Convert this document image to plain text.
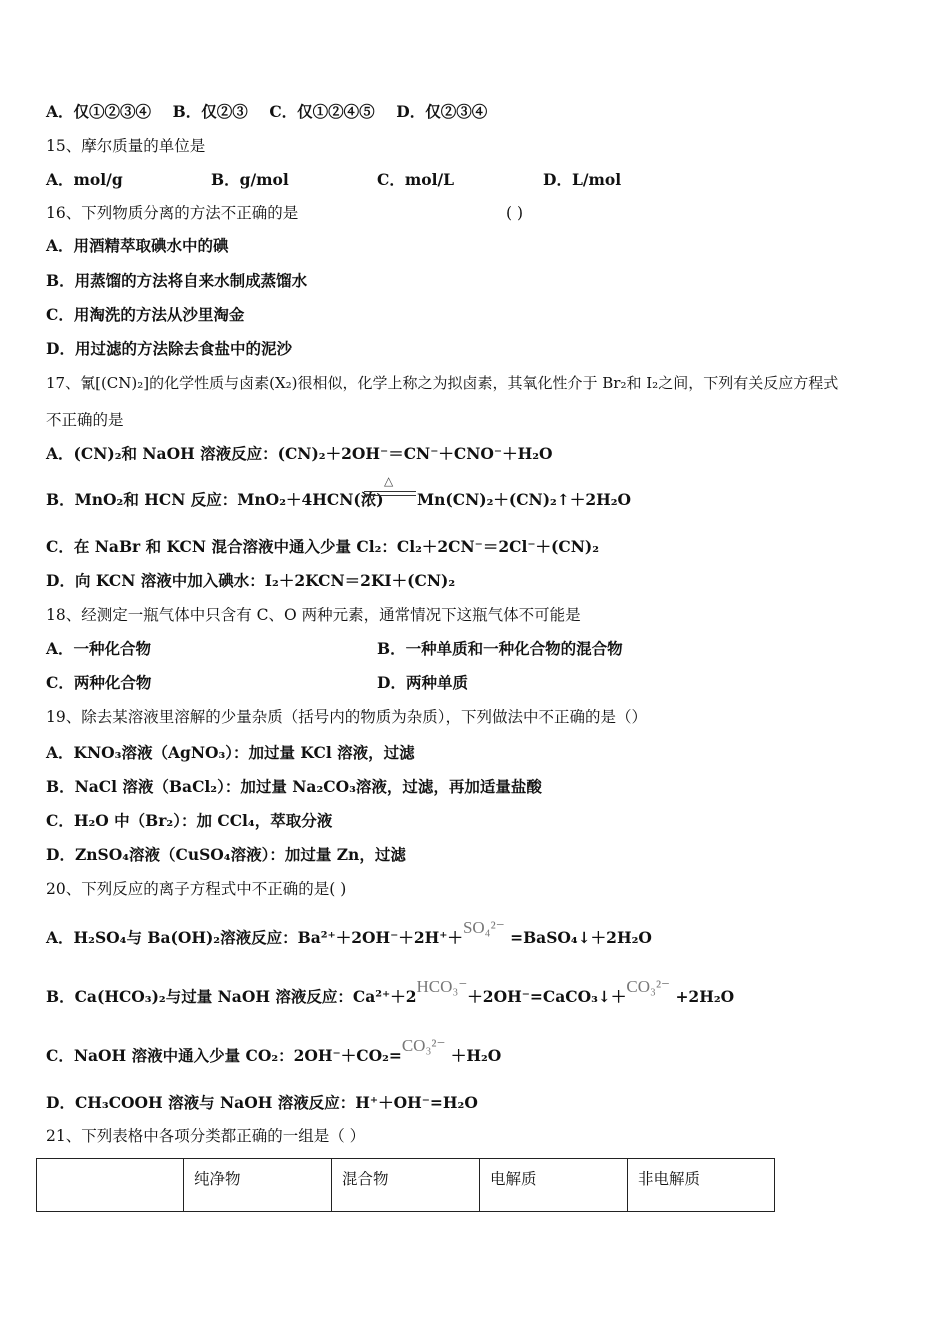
A．仅①②③④ B．仅②③ C．仅①②④⑤ D．仅②③④
15、摩尔质量的单位是
A．mol/g	B．g/mol	C．mol/L	D．L/mol
16、下列物质分离的方法不正确的是	( )
A．用酒精萃取碘水中的碘
B．用蒸馏的方法将自来水制成蒸馏水
C．用淘洗的方法从沙里淘金
D．用过滤的方法除去食盐中的泥沙
17、氰[(CN)₂]的化学性质与卤素(X₂)很相似，化学上称之为拟卤素，其氧化性介于 Br₂和 I₂之间，下列有关反应方程式
不正确的是
A．(CN)₂和 NaOH 溶液反应：(CN)₂＋2OH⁻＝CN⁻＋CNO⁻＋H₂O
B．MnO₂和 HCN 反应：MnO₂＋4HCN(浓)
△
Mn(CN)₂＋(CN)₂↑＋2H₂O
C．在 NaBr 和 KCN 混合溶液中通入少量 Cl₂：Cl₂＋2CN⁻＝2Cl⁻＋(CN)₂
D．向 KCN 溶液中加入碘水：I₂＋2KCN＝2KI＋(CN)₂
18、经测定一瓶气体中只含有 C、O 两种元素，通常情况下这瓶气体不可能是
A．一种化合物	B．一种单质和一种化合物的混合物
C．两种化合物	D．两种单质
19、除去某溶液里溶解的少量杂质（括号内的物质为杂质），下列做法中不正确的是（）
A．KNO₃溶液（AgNO₃）：加过量 KCl 溶液，过滤
B．NaCl 溶液（BaCl₂）：加过量 Na₂CO₃溶液，过滤，再加适量盐酸
C．H₂O 中（Br₂）：加 CCl₄，萃取分液
D．ZnSO₄溶液（CuSO₄溶液）：加过量 Zn，过滤
20、下列反应的离子方程式中不正确的是( )
A．H₂SO₄与 Ba(OH)₂溶液反应：Ba²⁺＋2OH⁻＋2H⁺＋SO₄²⁻ =BaSO₄↓＋2H₂O
B．Ca(HCO₃)₂与过量 NaOH 溶液反应：Ca²⁺＋2HCO₃⁻＋2OH⁻=CaCO₃↓＋CO₃²⁻ +2H₂O
C．NaOH 溶液中通入少量 CO₂：2OH⁻＋CO₂=CO₃²⁻ ＋H₂O
D．CH₃COOH 溶液与 NaOH 溶液反应：H⁺＋OH⁻=H₂O
21、下列表格中各项分类都正确的一组是（ ）
	纯净物	混合物	电解质	非电解质
